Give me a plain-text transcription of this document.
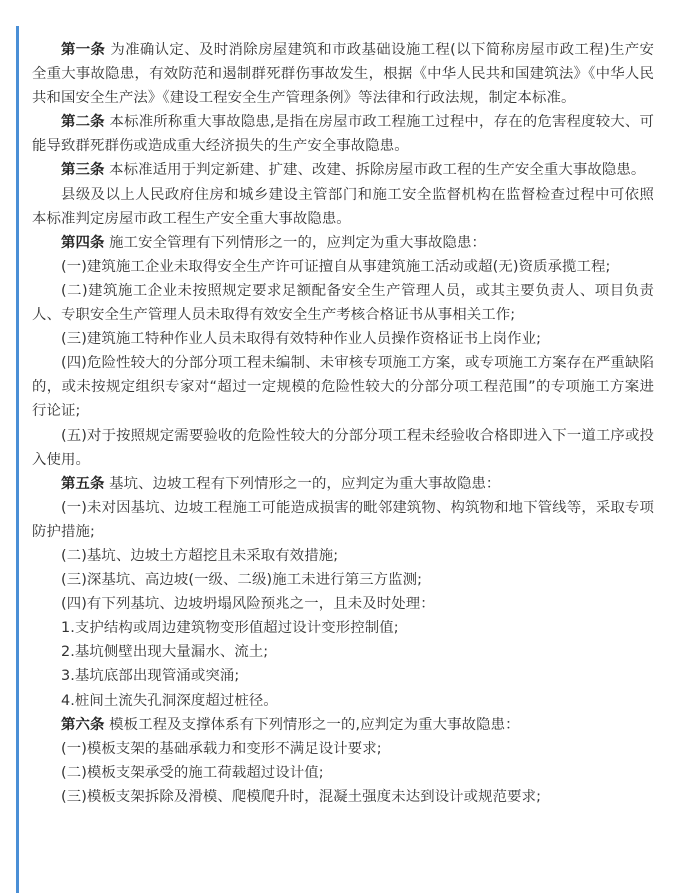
第一条 为准确认定、及时消除房屋建筑和市政基础设施工程(以下简称房屋市政工程)生产安全重大事故隐患，有效防范和遏制群死群伤事故发生，根据《中华人民共和国建筑法》《中华人民共和国安全生产法》《建设工程安全生产管理条例》等法律和行政法规，制定本标准。

第二条 本标准所称重大事故隐患,是指在房屋市政工程施工过程中，存在的危害程度较大、可能导致群死群伤或造成重大经济损失的生产安全事故隐患。

第三条 本标准适用于判定新建、扩建、改建、拆除房屋市政工程的生产安全重大事故隐患。

县级及以上人民政府住房和城乡建设主管部门和施工安全监督机构在监督检查过程中可依照本标准判定房屋市政工程生产安全重大事故隐患。

第四条 施工安全管理有下列情形之一的，应判定为重大事故隐患：

(一)建筑施工企业未取得安全生产许可证擅自从事建筑施工活动或超(无)资质承揽工程;

(二)建筑施工企业未按照规定要求足额配备安全生产管理人员，或其主要负责人、项目负责人、专职安全生产管理人员未取得有效安全生产考核合格证书从事相关工作;

(三)建筑施工特种作业人员未取得有效特种作业人员操作资格证书上岗作业;

(四)危险性较大的分部分项工程未编制、未审核专项施工方案，或专项施工方案存在严重缺陷的，或未按规定组织专家对“超过一定规模的危险性较大的分部分项工程范围”的专项施工方案进行论证;

(五)对于按照规定需要验收的危险性较大的分部分项工程未经验收合格即进入下一道工序或投入使用。

第五条 基坑、边坡工程有下列情形之一的，应判定为重大事故隐患：

(一)未对因基坑、边坡工程施工可能造成损害的毗邻建筑物、构筑物和地下管线等，采取专项防护措施;

(二)基坑、边坡土方超挖且未采取有效措施;

(三)深基坑、高边坡(一级、二级)施工未进行第三方监测;

(四)有下列基坑、边坡坍塌风险预兆之一，且未及时处理：

1.支护结构或周边建筑物变形值超过设计变形控制值;

2.基坑侧壁出现大量漏水、流土;

3.基坑底部出现管涌或突涌;

4.桩间土流失孔洞深度超过桩径。

第六条 模板工程及支撑体系有下列情形之一的,应判定为重大事故隐患：

(一)模板支架的基础承载力和变形不满足设计要求;

(二)模板支架承受的施工荷载超过设计值;

(三)模板支架拆除及滑模、爬模爬升时，混凝土强度未达到设计或规范要求;
